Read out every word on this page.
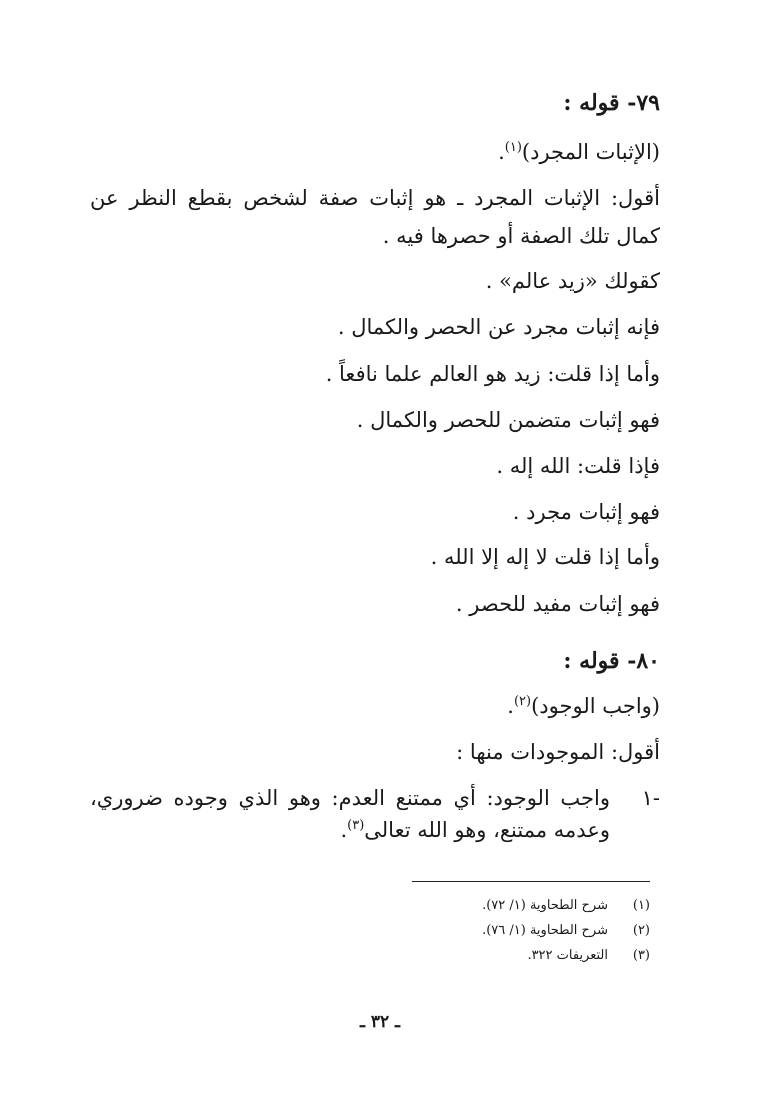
٧٩- قوله :
(الإثبات المجرد)$^{(١)}$.
أقول: الإثبات المجرد ـ هو إثبات صفة لشخص بقطع النظر عن
كمال تلك الصفة أو حصرها فيه .
كقولك «زيد عالم» .
فإنه إثبات مجرد عن الحصر والكمال .
وأما إذا قلت: زيد هو العالم علما نافعاً .
فهو إثبات متضمن للحصر والكمال .
فإذا قلت: الله إله .
فهو إثبات مجرد .
وأما إذا قلت لا إله إلا الله .
فهو إثبات مفيد للحصر .
٨٠- قوله :
(واجب الوجود)$^{(٢)}$.
أقول: الموجودات منها :
١-
واجب الوجود: أي ممتنع العدم: وهو الذي وجوده ضروري،
وعدمه ممتنع، وهو الله تعالى$^{(٣)}$.
(١)شرح الطحاوية (١/ ٧٢).
(٢)شرح الطحاوية (١/ ٧٦).
(٣)التعريفات ٣٢٢.
ـ ٣٢ ـ
